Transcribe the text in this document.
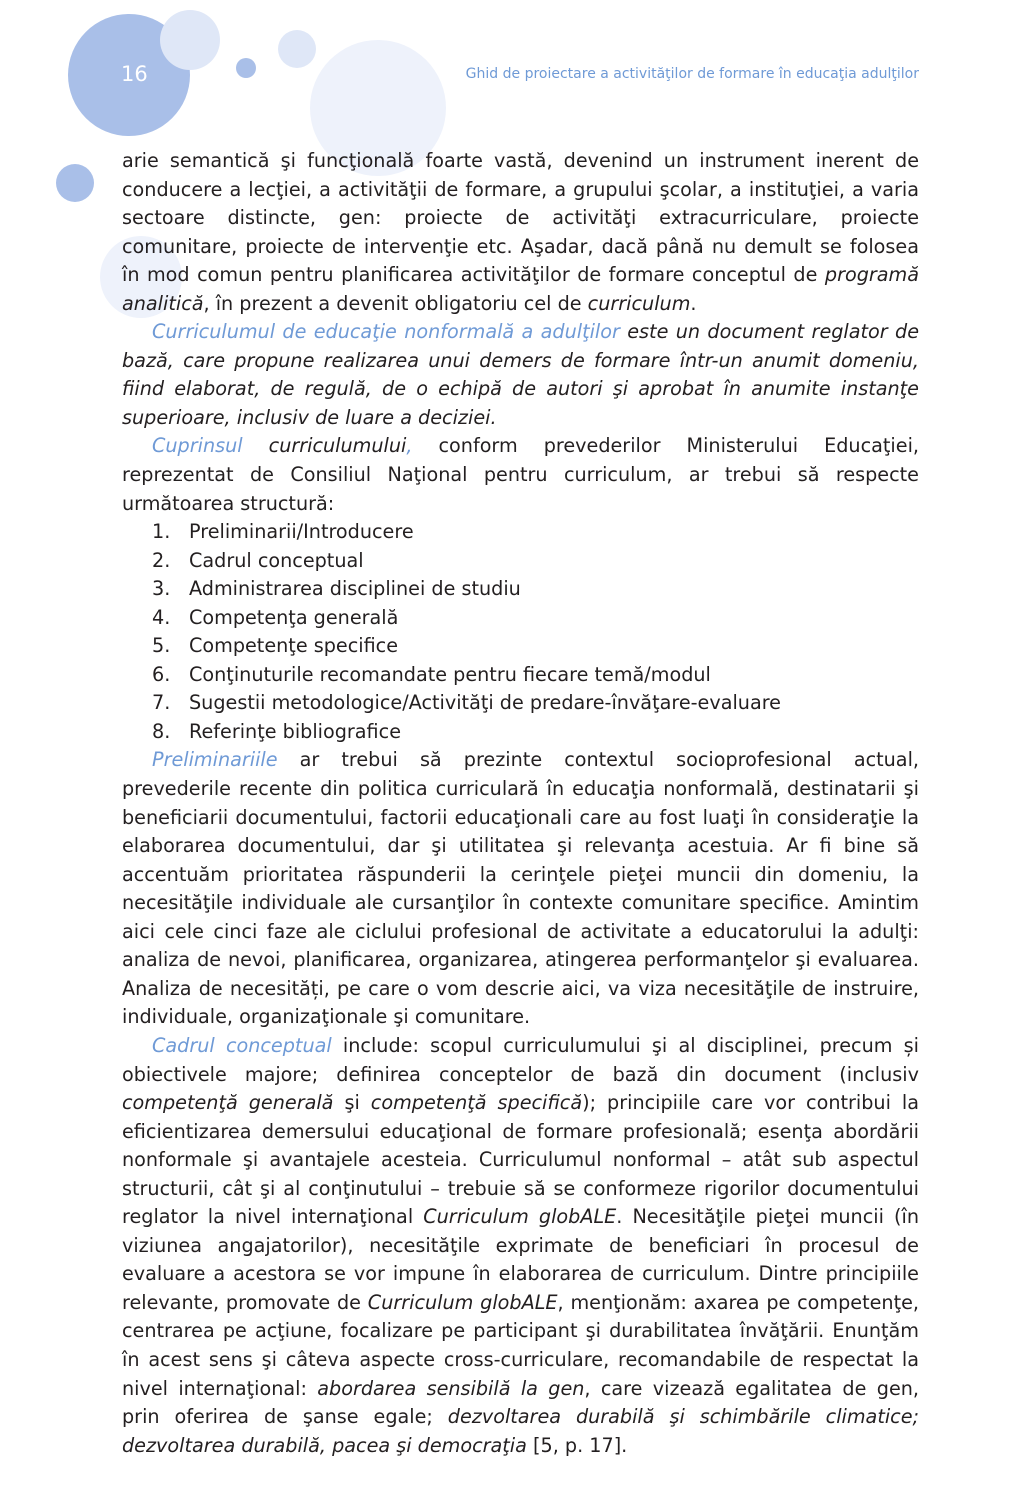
16	Ghid de proiectare a activităţilor de formare în educaţia adulţilor

arie semantică şi funcţională foarte vastă, devenind un instrument inerent de conducere a lecţiei, a activităţii de formare, a grupului şcolar, a instituţiei, a varia sectoare distincte, gen: proiecte de activităţi extracurriculare, proiecte comunitare, proiecte de intervenţie etc. Aşadar, dacă până nu demult se folosea în mod comun pentru planificarea activităţilor de formare conceptul de programă analitică, în prezent a devenit obligatoriu cel de curriculum.

Curriculumul de educaţie nonformală a adulţilor este un document reglator de bază, care propune realizarea unui demers de formare într-un anumit domeniu, fiind elaborat, de regulă, de o echipă de autori şi aprobat în anumite instanţe superioare, inclusiv de luare a deciziei.

Cuprinsul curriculumului, conform prevederilor Ministerului Educaţiei, reprezentat de Consiliul Naţional pentru curriculum, ar trebui să respecte următoarea structură:

1. Preliminarii/Introducere
2. Cadrul conceptual
3. Administrarea disciplinei de studiu
4. Competenţa generală
5. Competenţe specifice
6. Conţinuturile recomandate pentru fiecare temă/modul
7. Sugestii metodologice/Activităţi de predare-învăţare-evaluare
8. Referinţe bibliografice

Preliminariile ar trebui să prezinte contextul socioprofesional actual, prevederile recente din politica curriculară în educaţia nonformală, destinatarii şi beneficiarii documentului, factorii educaţionali care au fost luaţi în consideraţie la elaborarea documentului, dar şi utilitatea şi relevanţa acestuia. Ar fi bine să accentuăm prioritatea răspunderii la cerinţele pieţei muncii din domeniu, la necesităţile individuale ale cursanţilor în contexte comunitare specifice. Amintim aici cele cinci faze ale ciclului profesional de activitate a educatorului la adulţi: analiza de nevoi, planificarea, organizarea, atingerea performanţelor şi evaluarea. Analiza de necesități, pe care o vom descrie aici, va viza necesităţile de instruire, individuale, organizaţionale şi comunitare.

Cadrul conceptual include: scopul curriculumului şi al disciplinei, precum și obiectivele majore; definirea conceptelor de bază din document (inclusiv competenţă generală şi competenţă specifică); principiile care vor contribui la eficientizarea demersului educaţional de formare profesională; esenţa abordării nonformale şi avantajele acesteia. Curriculumul nonformal – atât sub aspectul structurii, cât şi al conţinutului – trebuie să se conformeze rigorilor documentului reglator la nivel internaţional Curriculum globALE. Necesităţile pieţei muncii (în viziunea angajatorilor), necesităţile exprimate de beneficiari în procesul de evaluare a acestora se vor impune în elaborarea de curriculum. Dintre principiile relevante, promovate de Curriculum globALE, menţionăm: axarea pe competenţe, centrarea pe acţiune, focalizare pe participant şi durabilitatea învăţării. Enunţăm în acest sens şi câteva aspecte cross-curriculare, recomandabile de respectat la nivel internaţional: abordarea sensibilă la gen, care vizează egalitatea de gen, prin oferirea de şanse egale; dezvoltarea durabilă şi schimbările climatice; dezvoltarea durabilă, pacea şi democraţia [5, p. 17].
